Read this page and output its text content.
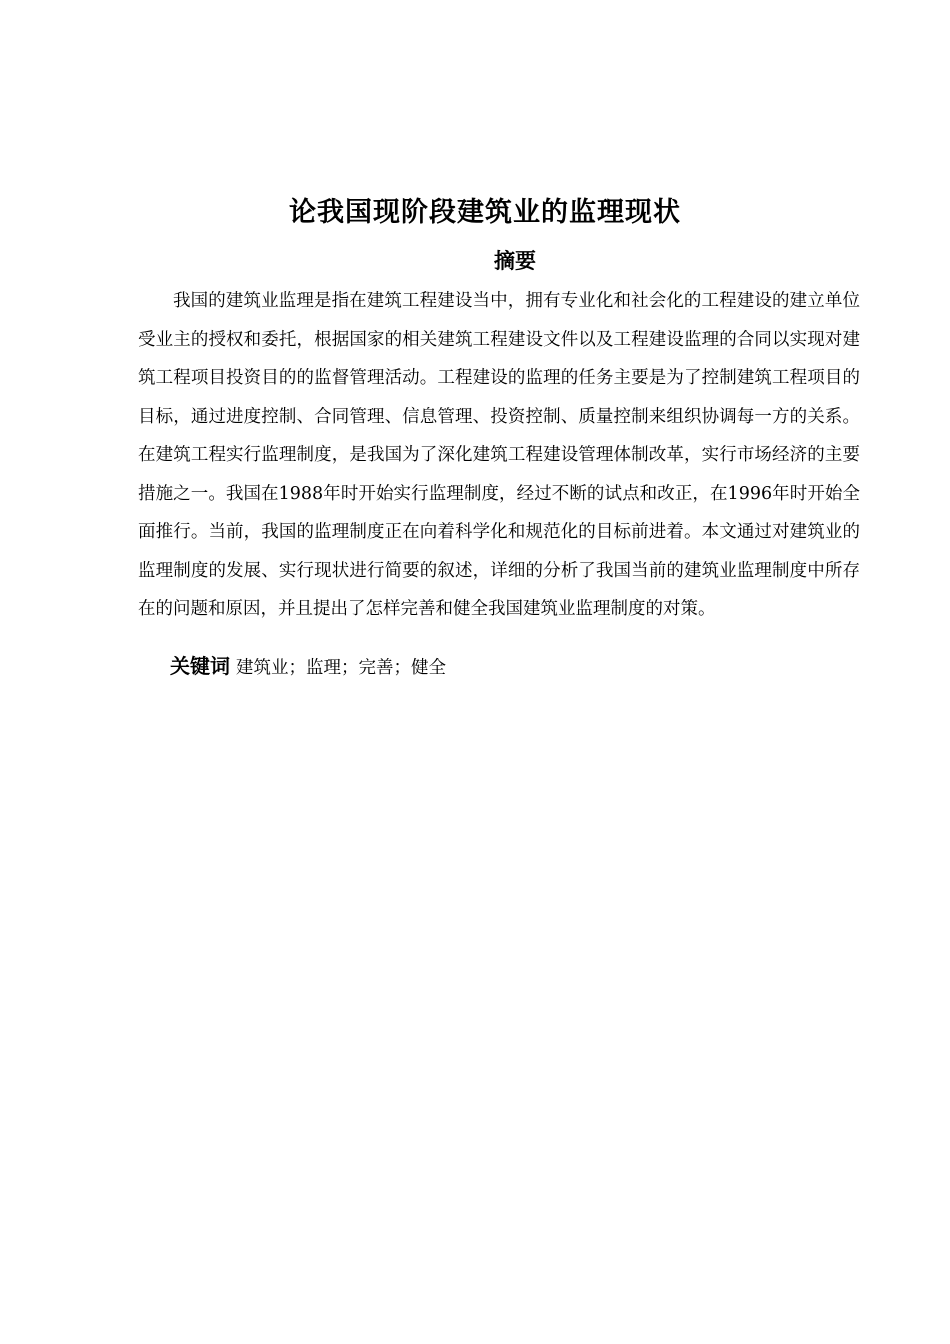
论我国现阶段建筑业的监理现状
摘要

我国的建筑业监理是指在建筑工程建设当中，拥有专业化和社会化的工程建设的建立单位受业主的授权和委托，根据国家的相关建筑工程建设文件以及工程建设监理的合同以实现对建筑工程项目投资目的的监督管理活动。工程建设的监理的任务主要是为了控制建筑工程项目的目标，通过进度控制、合同管理、信息管理、投资控制、质量控制来组织协调每一方的关系。在建筑工程实行监理制度，是我国为了深化建筑工程建设管理体制改革，实行市场经济的主要措施之一。我国在1988年时开始实行监理制度，经过不断的试点和改正，在1996年时开始全面推行。当前，我国的监理制度正在向着科学化和规范化的目标前进着。本文通过对建筑业的监理制度的发展、实行现状进行简要的叙述，详细的分析了我国当前的建筑业监理制度中所存在的问题和原因，并且提出了怎样完善和健全我国建筑业监理制度的对策。

关键词 建筑业；监理；完善；健全
